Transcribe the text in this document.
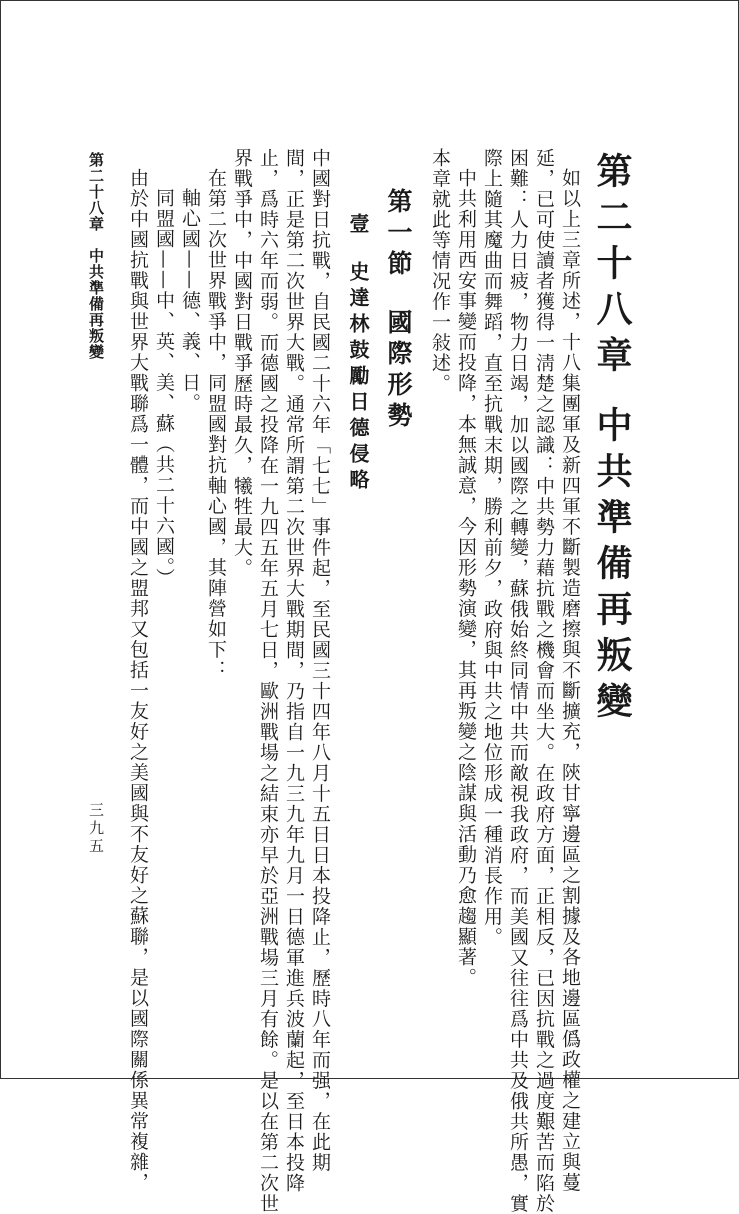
第二十八章中共準備再叛變
如以上三章所述，十八集團軍及新四軍不斷製造磨擦與不斷擴充，陝甘寧邊區之割據及各地邊區僞政權之建立與蔓
延，已可使讀者獲得一淸楚之認識：中共勢力藉抗戰之機會而坐大。在政府方面，正相反，已因抗戰之過度艱苦而陷於
困難：人力日疲，物力日竭，加以國際之轉變，蘇俄始終同情中共而敵視我政府，而美國又往往爲中共及俄共所愚，實
際上隨其魔曲而舞蹈，直至抗戰末期，勝利前夕，政府與中共之地位形成一種消長作用。
中共利用西安事變而投降，本無誠意，今因形勢演變，其再叛變之陰謀與活動乃愈趨顯著。
本章就此等情况作一敍述。
第一節國際形勢
壹史達林鼓勵日德侵略
中國對日抗戰，自民國二十六年「七七」事件起，至民國三十四年八月十五日日本投降止，歷時八年而强，在此期
間，正是第二次世界大戰。通常所謂第二次世界大戰期間，乃指自一九三九年九月一日德軍進兵波蘭起，至日本投降
止，爲時六年而弱。而德國之投降在一九四五年五月七日，歐洲戰場之結束亦早於亞洲戰場三月有餘。是以在第二次世
界戰爭中，中國對日戰爭歷時最久，犧牲最大。
在第二次世界戰爭中，同盟國對抗軸心國，其陣營如下：
軸心國——德、義、日。
同盟國——中、英、美、蘇（共二十六國。）
由於中國抗戰與世界大戰聯爲一體，而中國之盟邦又包括一友好之美國與不友好之蘇聯，是以國際關係異常複雜，
第二十八章　中共準備再叛變
三九五
